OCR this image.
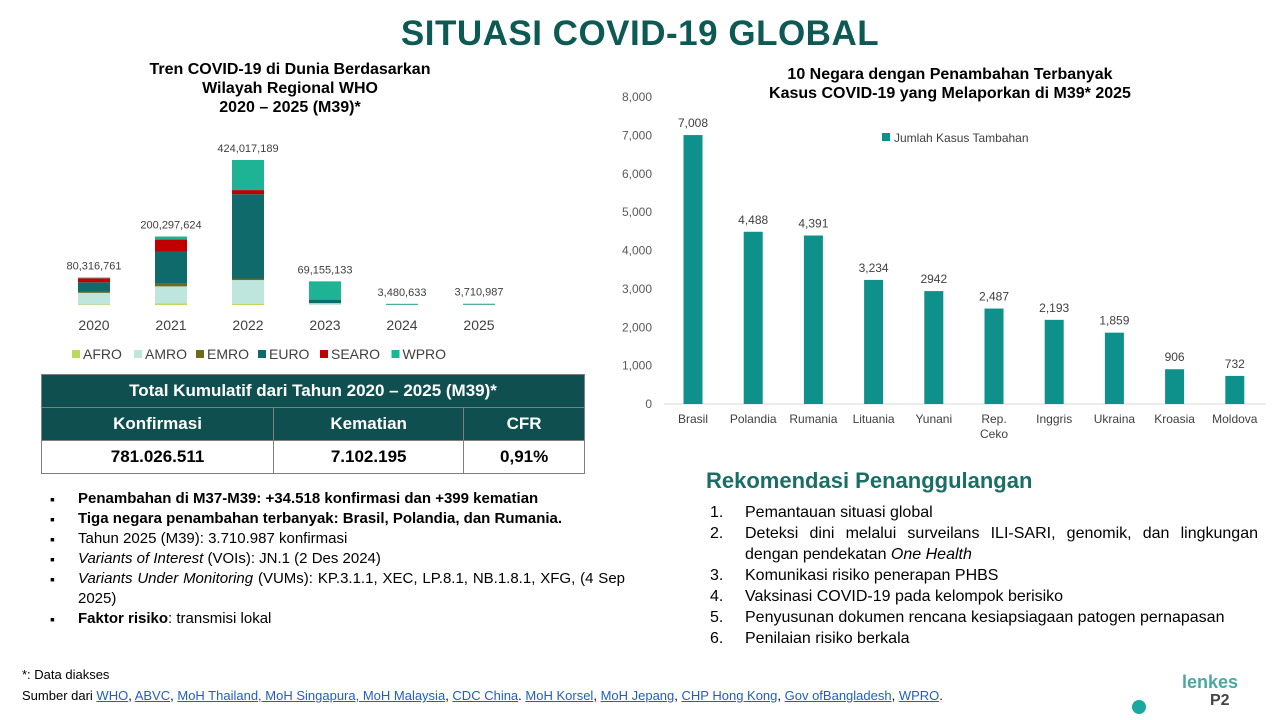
SITUASI COVID-19 GLOBAL
Tren COVID-19 di Dunia Berdasarkan
Wilayah Regional WHO
2020 – 2025 (M39)*
10 Negara dengan Penambahan Terbanyak
Kasus COVID-19 yang Melaporkan di M39* 2025
80,316,761
2020
200,297,624
2021
424,017,189
2022
69,155,133
2023
3,480,633
2024
3,710,987
2025
AFRO AMRO EMRO EURO SEARO WPRO
0
1,000
2,000
3,000
4,000
5,000
6,000
7,000
8,000
7,008
Brasil
4,488
Polandia
4,391
Rumania
3,234
Lituania
2942
Yunani
2,487
Rep.
Ceko
2,193
Inggris
1,859
Ukraina
906
Kroasia
732
Moldova
Jumlah Kasus Tambahan
Total Kumulatif dari Tahun 2020 – 2025 (M39)*		
Konfirmasi	Kematian	CFR
781.026.511	7.102.195	0,91%
▪ Penambahan di M37-M39: +34.518 konfirmasi dan +399 kematian
▪ Tiga negara penambahan terbanyak: Brasil, Polandia, dan Rumania.
▪ Tahun 2025 (M39): 3.710.987 konfirmasi
▪ Variants of Interest (VOIs): JN.1 (2 Des 2024)
▪ Variants Under Monitoring (VUMs): KP.3.1.1, XEC, LP.8.1, NB.1.8.1, XFG, (4 Sep 2025)
▪ Faktor risiko: transmisi lokal
Rekomendasi Penanggulangan
1. Pemantauan situasi global
2. Deteksi dini melalui surveilans ILI-SARI, genomik, dan lingkungan dengan pendekatan One Health
3. Komunikasi risiko penerapan PHBS
4. Vaksinasi COVID-19 pada kelompok berisiko
5. Penyusunan dokumen rencana kesiapsiagaan patogen pernapasan
6. Penilaian risiko berkala
*: Data diakses
Sumber dari WHO, ABVC, MoH Thailand, MoH Singapura, MoH Malaysia, CDC China. MoH Korsel, MoH Jepang, CHP Hong Kong, Gov ofBangladesh, WPRO.
lenkes
P2
